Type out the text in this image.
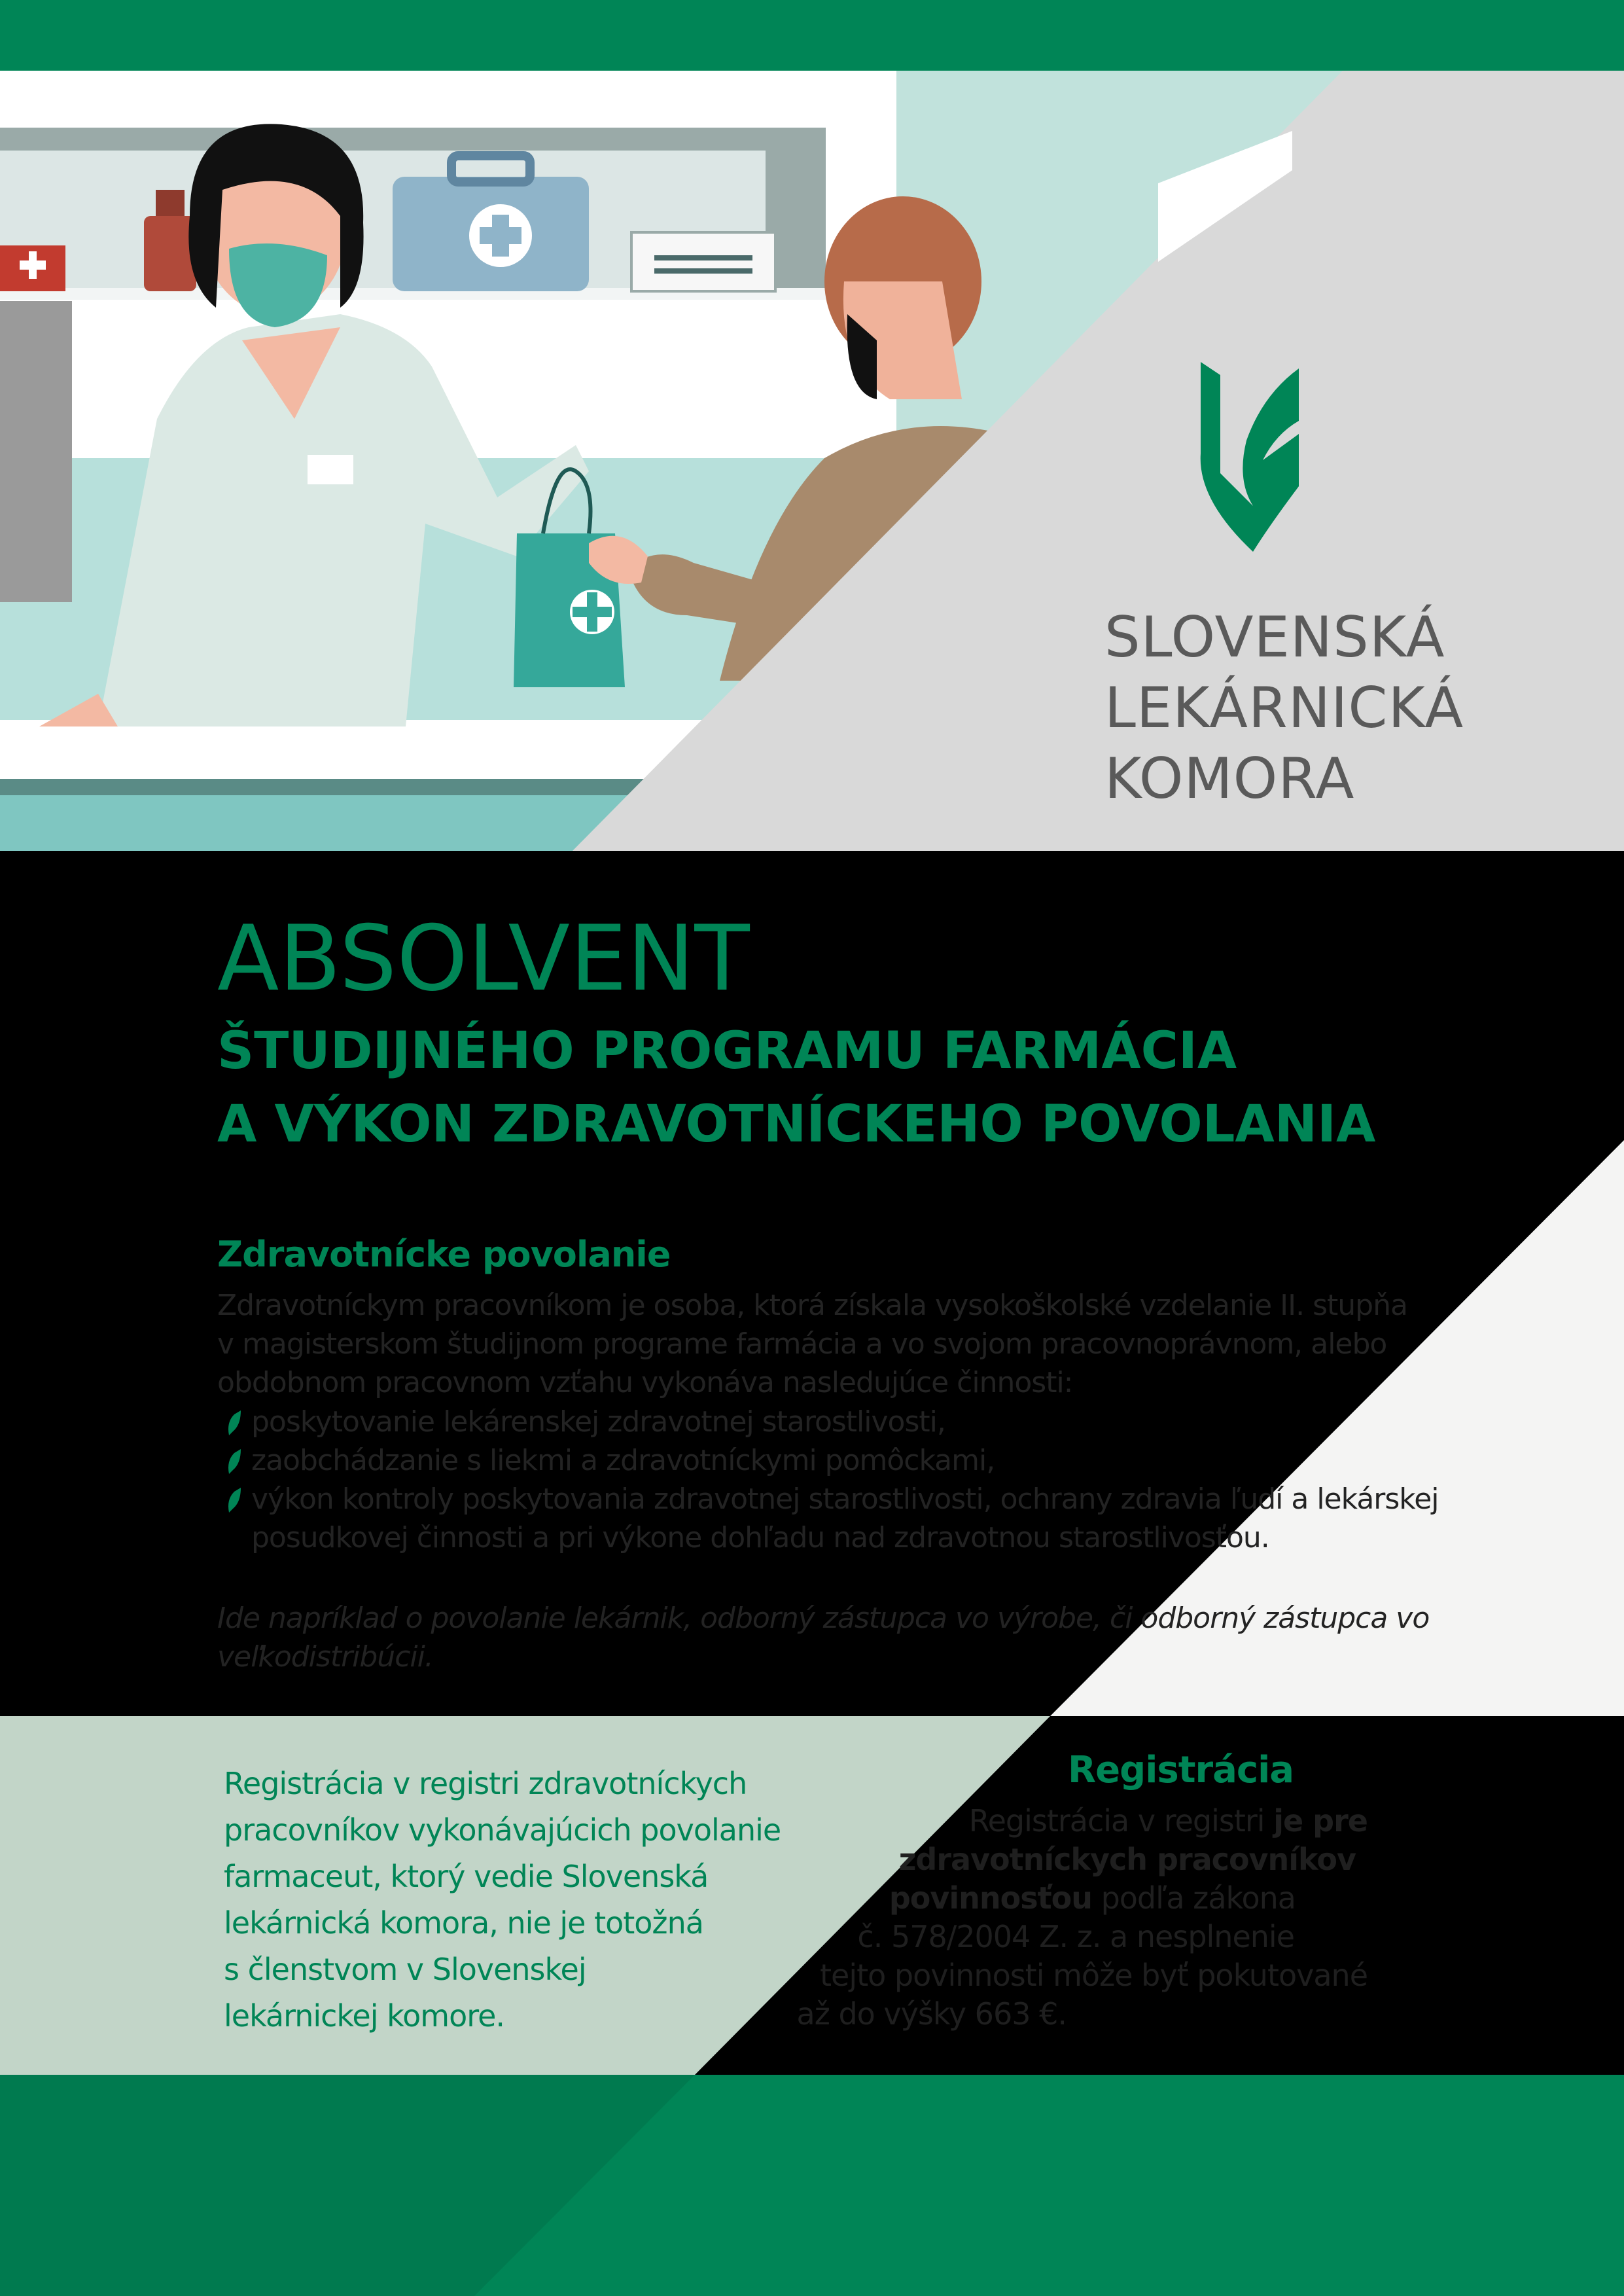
SLOVENSKÁ
LEKÁRNICKÁ
KOMORA
ABSOLVENT
ŠTUDIJNÉHO PROGRAMU FARMÁCIA
A VÝKON ZDRAVOTNÍCKEHO POVOLANIA
Zdravotnícke povolanie
Zdravotníckym pracovníkom je osoba, ktorá získala vysokoškolské vzdelanie II. stupňa
v magisterskom študijnom programe farmácia a vo svojom pracovnoprávnom, alebo
obdobnom pracovnom vzťahu vykonáva nasledujúce činnosti:
poskytovanie lekárenskej zdravotnej starostlivosti,
zaobchádzanie s liekmi a zdravotníckymi pomôckami,
výkon kontroly poskytovania zdravotnej starostlivosti, ochrany zdravia ľudí a lekárskej
posudkovej činnosti a pri výkone dohľadu nad zdravotnou starostlivosťou.
Ide napríklad o povolanie lekárnik, odborný zástupca vo výrobe, či odborný zástupca vo
veľkodistribúcii.
Registrácia v registri zdravotníckych
pracovníkov vykonávajúcich povolanie
farmaceut, ktorý vedie Slovenská
lekárnická komora, nie je totožná
s členstvom v Slovenskej
lekárnickej komore.
Registrácia
Registrácia v registri je pre
zdravotníckych pracovníkov
povinnosťou podľa zákona
č. 578/2004 Z. z. a nesplnenie
tejto povinnosti môže byť pokutované
až do výšky 663 €.
